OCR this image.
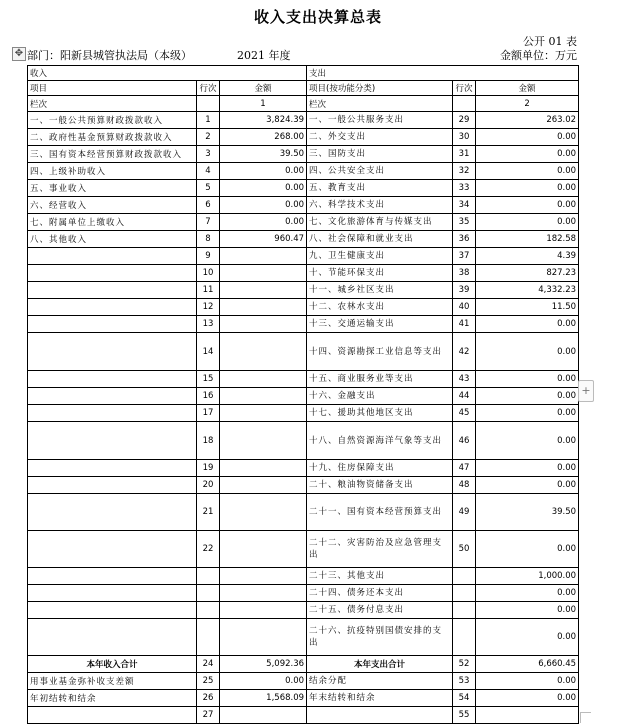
收入支出决算总表
公开 01 表
✥ 部门：阳新县城管执法局（本级）	2021 年度	金额单位：万元
收入			支出		
项目	行次	金额	项目(按功能分类)	行次	金额
栏次		1	栏次		2
一、一般公共预算财政拨款收入	1	3,824.39	一、一般公共服务支出	29	263.02
二、政府性基金预算财政拨款收入	2	268.00	二、外交支出	30	0.00
三、国有资本经营预算财政拨款收入	3	39.50	三、国防支出	31	0.00
四、上级补助收入	4	0.00	四、公共安全支出	32	0.00
五、事业收入	5	0.00	五、教育支出	33	0.00
六、经营收入	6	0.00	六、科学技术支出	34	0.00
七、附属单位上缴收入	7	0.00	七、文化旅游体育与传媒支出	35	0.00
八、其他收入	8	960.47	八、社会保障和就业支出	36	182.58
	9		九、卫生健康支出	37	4.39
	10		十、节能环保支出	38	827.23
	11		十一、城乡社区支出	39	4,332.23
	12		十二、农林水支出	40	11.50
	13		十三、交通运输支出	41	0.00
	14		十四、资源勘探工业信息等支出	42	0.00
	15		十五、商业服务业等支出	43	0.00
	16		十六、金融支出	44	0.00
	17		十七、援助其他地区支出	45	0.00
	18		十八、自然资源海洋气象等支出	46	0.00
	19		十九、住房保障支出	47	0.00
	20		二十、粮油物资储备支出	48	0.00
	21		二十一、国有资本经营预算支出	49	39.50
	22		二十二、灾害防治及应急管理支出	50	0.00
			二十三、其他支出		1,000.00
			二十四、债务还本支出		0.00
			二十五、债务付息支出		0.00
			二十六、抗疫特别国债安排的支出		0.00
本年收入合计	24	5,092.36	本年支出合计	52	6,660.45
用事业基金弥补收支差额	25	0.00	结余分配	53	0.00
年初结转和结余	26	1,568.09	年末结转和结余	54	0.00
	27			55	
+
